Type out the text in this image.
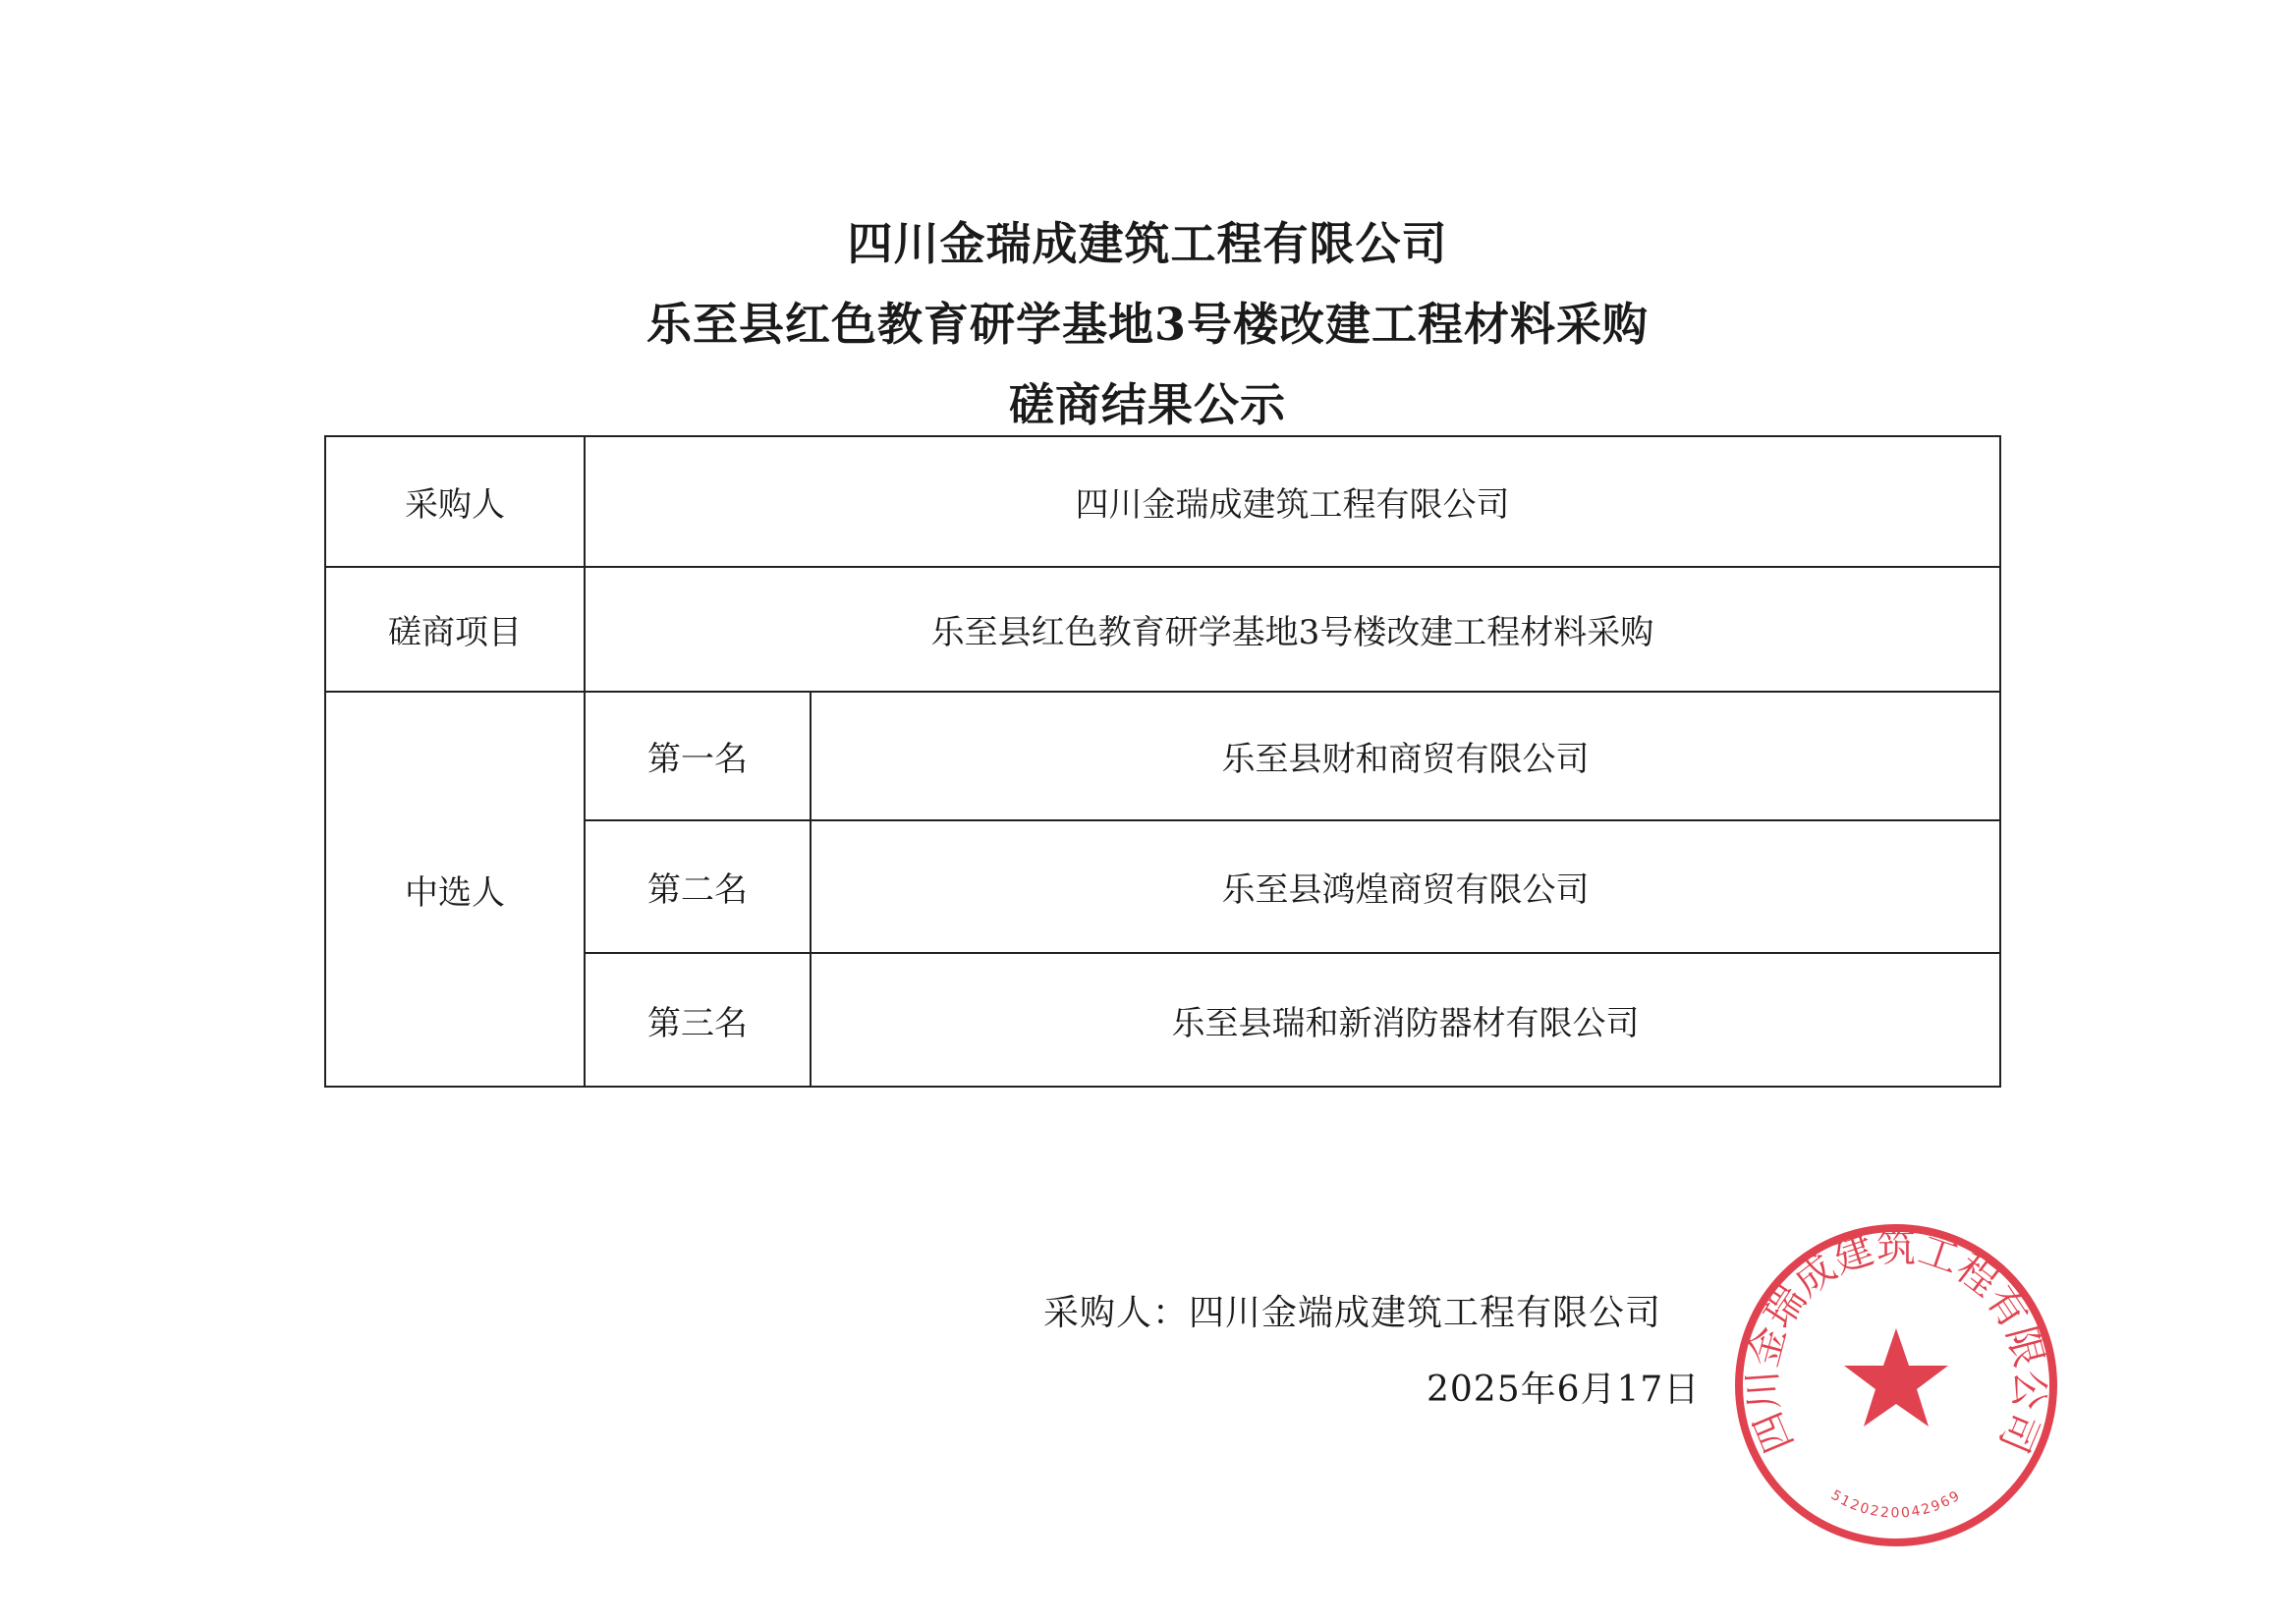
四川金瑞成建筑工程有限公司
乐至县红色教育研学基地3号楼改建工程材料采购
磋商结果公示
采购人	四川金瑞成建筑工程有限公司	
磋商项目	乐至县红色教育研学基地3号楼改建工程材料采购	
中选人	第一名	乐至县财和商贸有限公司
	第二名	乐至县鸿煌商贸有限公司
	第三名	乐至县瑞和新消防器材有限公司
采购人：四川金端成建筑工程有限公司
2025年6月17日
四川金瑞成建筑工程有限公司
5120220042969
